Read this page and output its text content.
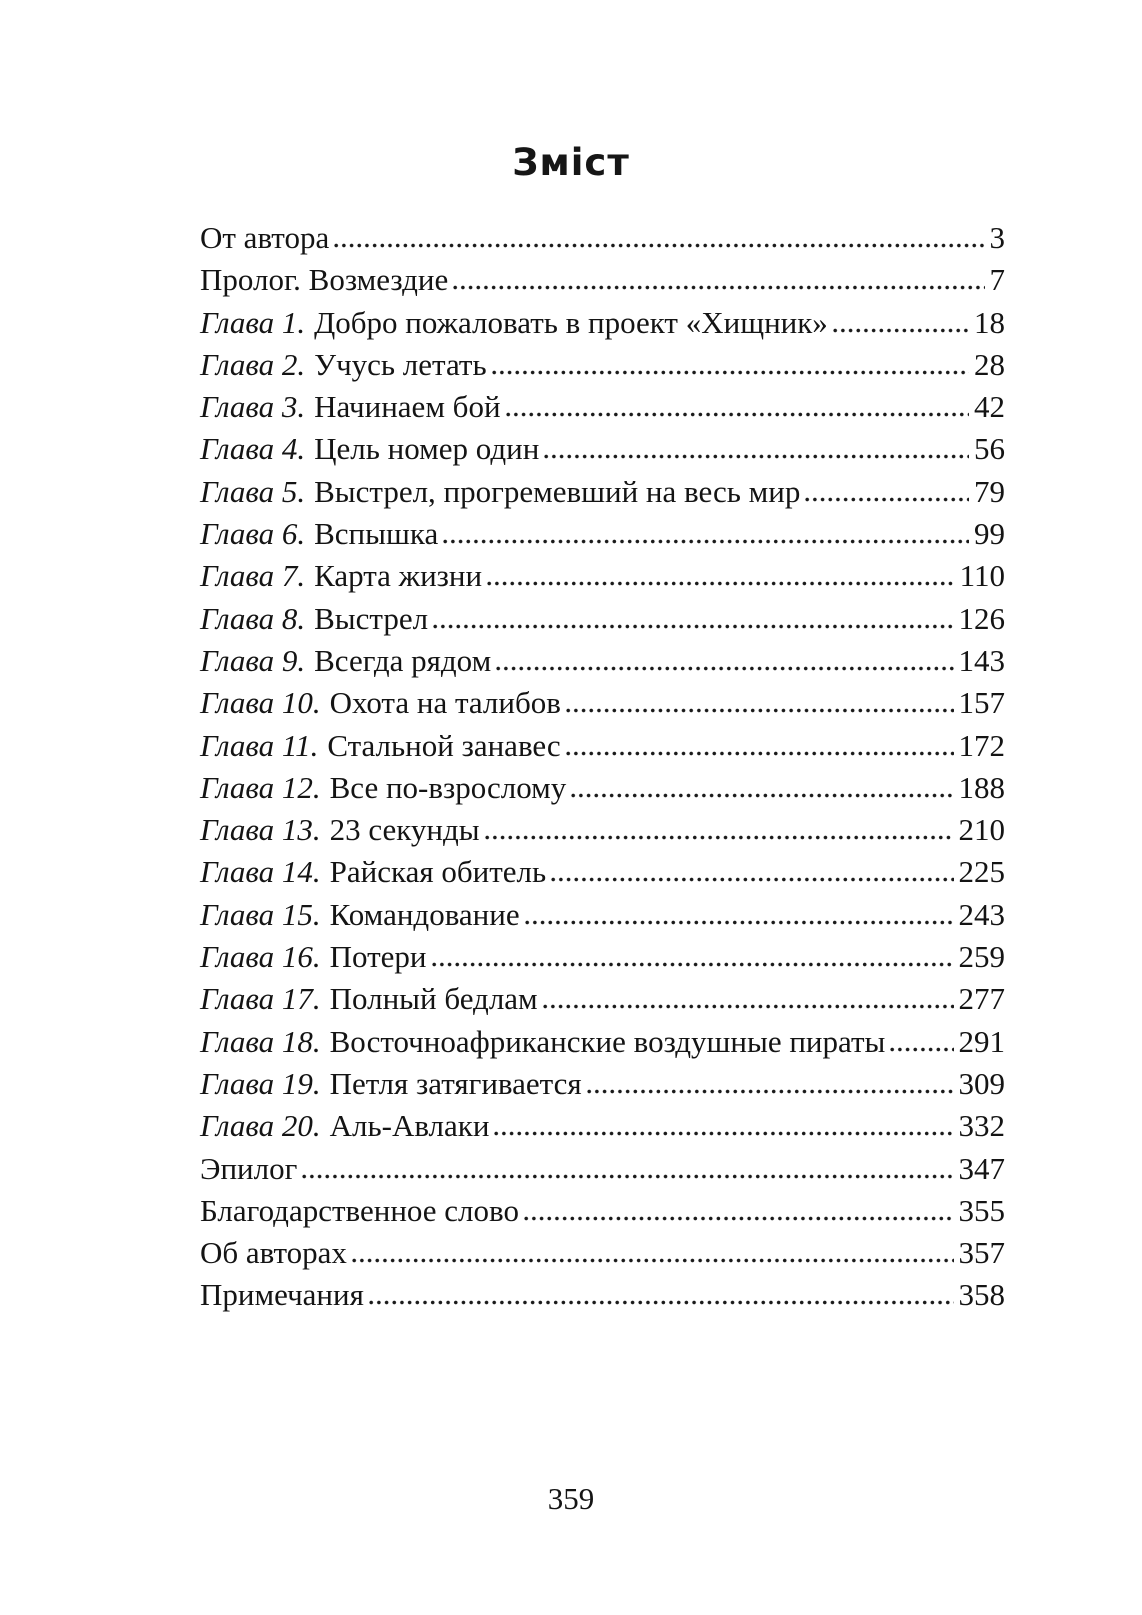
Зміст
От автора	3
Пролог. Возмездие	7
Глава 1. Добро пожаловать в проект «Хищник»	18
Глава 2. Учусь летать	28
Глава 3. Начинаем бой	42
Глава 4. Цель номер один	56
Глава 5. Выстрел, прогремевший на весь мир	79
Глава 6. Вспышка	99
Глава 7. Карта жизни	110
Глава 8. Выстрел	126
Глава 9. Всегда рядом	143
Глава 10. Охота на талибов	157
Глава 11. Стальной занавес	172
Глава 12. Все по-взрослому	188
Глава 13. 23 секунды	210
Глава 14. Райская обитель	225
Глава 15. Командование	243
Глава 16. Потери	259
Глава 17. Полный бедлам	277
Глава 18. Восточноафриканские воздушные пираты 291
Глава 19. Петля затягивается	309
Глава 20. Аль-Авлаки	332
Эпилог	347
Благодарственное слово	355
Об авторах	357
Примечания	358
359
